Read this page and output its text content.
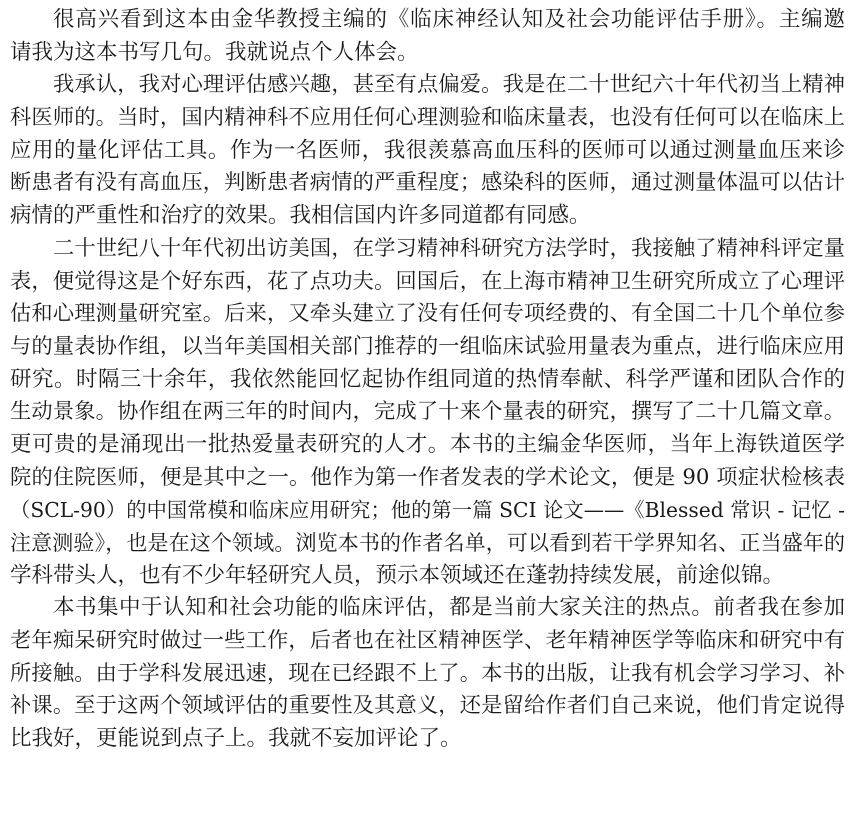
很高兴看到这本由金华教授主编的《临床神经认知及社会功能评估手册》。主编邀
请我为这本书写几句。我就说点个人体会。

我承认，我对心理评估感兴趣，甚至有点偏爱。我是在二十世纪六十年代初当上精神
科医师的。当时，国内精神科不应用任何心理测验和临床量表，也没有任何可以在临床上
应用的量化评估工具。作为一名医师，我很羡慕高血压科的医师可以通过测量血压来诊
断患者有没有高血压，判断患者病情的严重程度；感染科的医师，通过测量体温可以估计
病情的严重性和治疗的效果。我相信国内许多同道都有同感。

二十世纪八十年代初出访美国，在学习精神科研究方法学时，我接触了精神科评定量
表，便觉得这是个好东西，花了点功夫。回国后，在上海市精神卫生研究所成立了心理评
估和心理测量研究室。后来，又牵头建立了没有任何专项经费的、有全国二十几个单位参
与的量表协作组，以当年美国相关部门推荐的一组临床试验用量表为重点，进行临床应用
研究。时隔三十余年，我依然能回忆起协作组同道的热情奉献、科学严谨和团队合作的
生动景象。协作组在两三年的时间内，完成了十来个量表的研究，撰写了二十几篇文章。
更可贵的是涌现出一批热爱量表研究的人才。本书的主编金华医师，当年上海铁道医学
院的住院医师，便是其中之一。他作为第一作者发表的学术论文，便是 90 项症状检核表
（SCL-90）的中国常模和临床应用研究；他的第一篇 SCI 论文——《Blessed 常识 - 记忆 -
注意测验》，也是在这个领域。浏览本书的作者名单，可以看到若干学界知名、正当盛年的
学科带头人，也有不少年轻研究人员，预示本领域还在蓬勃持续发展，前途似锦。

本书集中于认知和社会功能的临床评估，都是当前大家关注的热点。前者我在参加
老年痴呆研究时做过一些工作，后者也在社区精神医学、老年精神医学等临床和研究中有
所接触。由于学科发展迅速，现在已经跟不上了。本书的出版，让我有机会学习学习、补
补课。至于这两个领域评估的重要性及其意义，还是留给作者们自己来说，他们肯定说得
比我好，更能说到点子上。我就不妄加评论了。
